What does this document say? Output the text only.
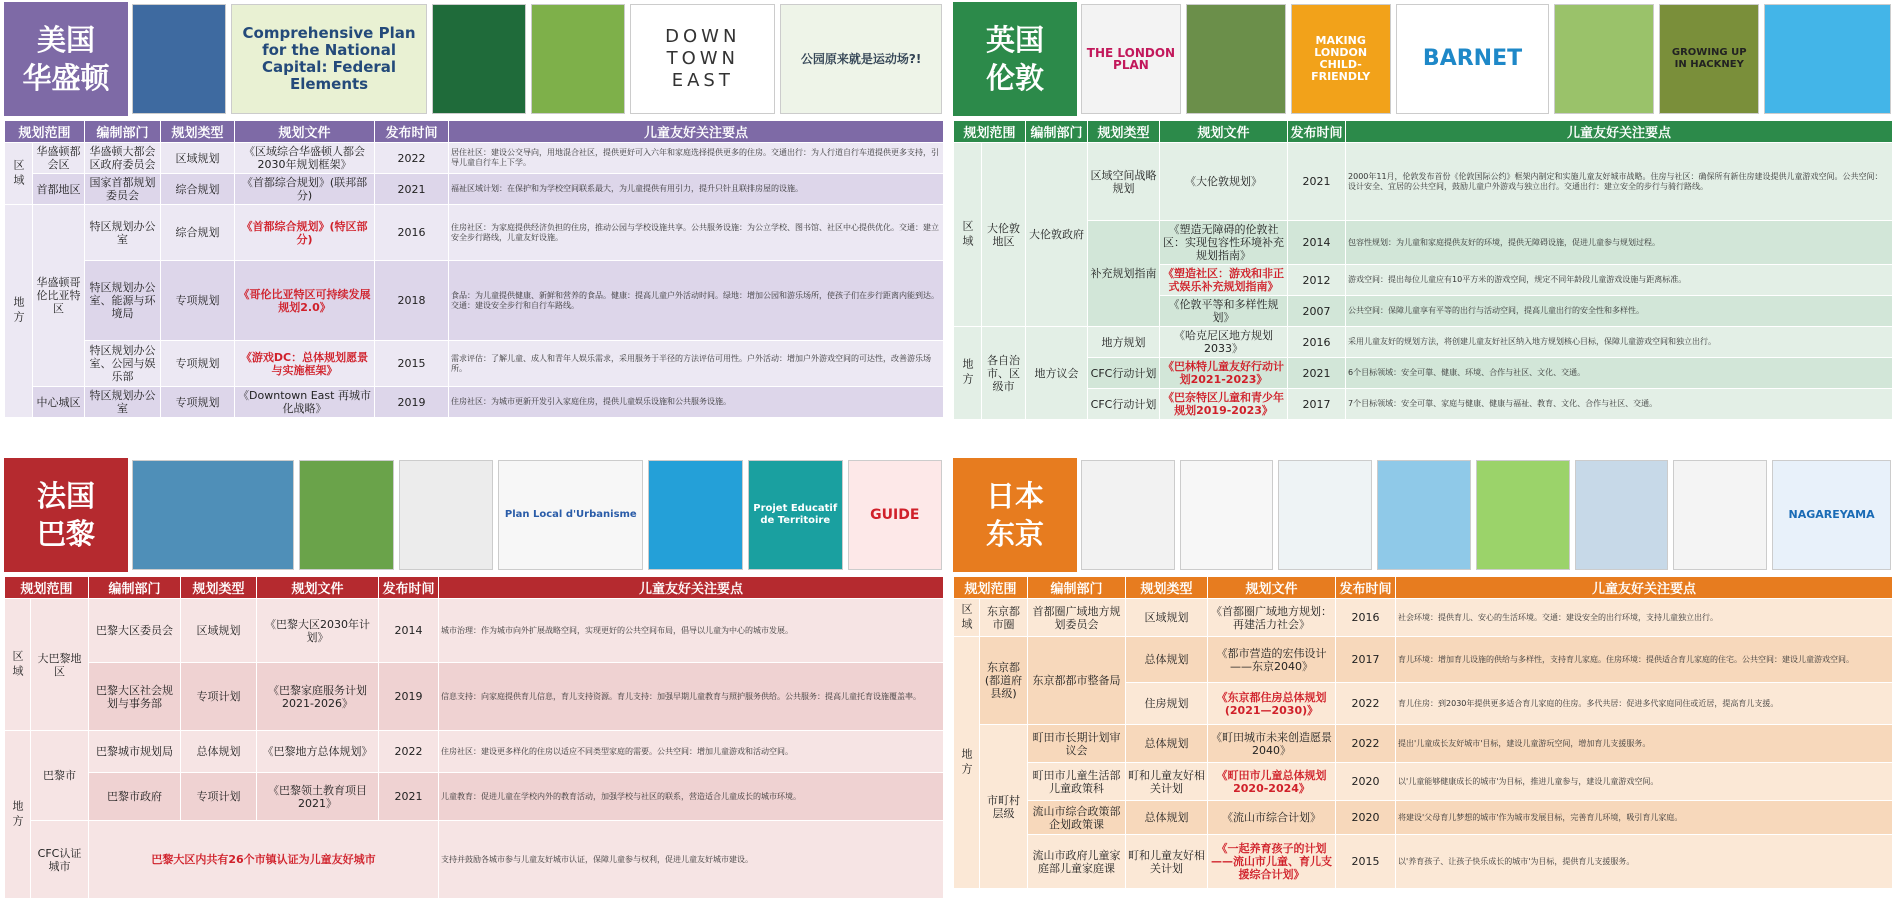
美国
华盛顿
Comprehensive Plan for the National Capital: Federal Elements
DOWN TOWN EAST
公园原来就是运动场?!
规划范围		编制部门	规划类型	规划文件	发布时间	儿童友好关注要点
区域	华盛顿都会区	华盛顿大都会区政府委员会	区域规划	《区域综合华盛顿人都会2030年规划框架》	2022	居住社区：建设公交导向，用地混合社区，提供更好可入六年和家庭选择提供更多的住房。交通出行：为人行道自行车道提供更多支持，引导儿童自行车上下学。
	首都地区	国家首都规划委员会	综合规划	《首都综合规划》(联邦部分)	2021	福祉区域计划：在保护和为学校空间联系最大，为儿童提供有用引力，提升只针且联排房屋的设施。
地方	华盛顿哥伦比亚特区	特区规划办公室	综合规划	《首都综合规划》(特区部分)	2016	住房社区：为家庭提供经济负担的住房，推动公园与学校设施共享。公共服务设施：为公立学校、图书馆、社区中心提供优化。交通：建立安全步行路线，儿童友好设施。
		特区规划办公室、能源与环境局	专项规划	《哥伦比亚特区可持续发展规划2.0》	2018	食品：为儿童提供健康、新鲜和营养的食品。健康：提高儿童户外活动时间。绿地：增加公园和游乐场所，使孩子们在步行距离内能到达。交通：建设安全步行和自行车路线。
		特区规划办公室、公园与娱乐部	专项规划	《游戏DC：总体规划愿景与实施框架》	2015	需求评估：了解儿童、成人和青年人娱乐需求，采用服务于半径的方法评估可用性。户外活动：增加户外游戏空间的可达性，改善游乐场所。
	中心城区	特区规划办公室	专项规划	《Downtown East 再城市化战略》	2019	住房社区：为城市更新开发引入家庭住房，提供儿童娱乐设施和公共服务设施。
英国
伦敦
THE LONDON PLAN
MAKING LONDON CHILD-FRIENDLY
BARNET	GROWING UP IN HACKNEY
规划范围		编制部门	规划类型	规划文件	发布时间	儿童友好关注要点
区域	大伦敦地区	大伦敦政府	区域空间战略规划	《大伦敦规划》	2021	2000年11月，伦敦发布首份《伦敦国际公约》框架内制定和实施儿童友好城市战略。住房与社区：确保所有新住房建设提供儿童游戏空间。公共空间：设计安全、宜居的公共空间，鼓励儿童户外游戏与独立出行。交通出行：建立安全的步行与骑行路线。
			补充规划指南	《塑造无障碍的伦敦社区：实现包容性环境补充规划指南》	2014	包容性规划：为儿童和家庭提供友好的环境，提供无障碍设施，促进儿童参与规划过程。
				《塑造社区：游戏和非正式娱乐补充规划指南》	2012	游戏空间：提出每位儿童应有10平方米的游戏空间，规定不同年龄段儿童游戏设施与距离标准。
				《伦敦平等和多样性规划》	2007	公共空间：保障儿童享有平等的出行与活动空间，提高儿童出行的安全性和多样性。
地方	各自治市、区级市	地方议会	地方规划	《哈克尼区地方规划2033》	2016	采用儿童友好的规划方法，将创建儿童友好社区纳入地方规划核心目标，保障儿童游戏空间和独立出行。
			CFC行动计划	《巴林特儿童友好行动计划2021-2023》	2021	6个目标领域：安全可靠、健康、环境、合作与社区、文化、交通。
			CFC行动计划	《巴奈特区儿童和青少年规划2019-2023》	2017	7个目标领域：安全可靠、家庭与健康、健康与福祉、教育、文化、合作与社区、交通。
法国
巴黎
Plan Local d'Urbanisme
Projet Educatif de Territoire	GUIDE
规划范围		编制部门	规划类型	规划文件	发布时间	儿童友好关注要点
区域	大巴黎地区	巴黎大区委员会	区域规划	《巴黎大区2030年计划》	2014	城市治理：作为城市向外扩展战略空间，实现更好的公共空间布局，倡导以儿童为中心的城市发展。
		巴黎大区社会规划与事务部	专项计划	《巴黎家庭服务计划2021-2026》	2019	信息支持：向家庭提供育儿信息，育儿支持资源。育儿支持：加强早期儿童教育与照护服务供给。公共服务：提高儿童托育设施覆盖率。
地方	巴黎市	巴黎城市规划局	总体规划	《巴黎地方总体规划》	2022	住房社区：建设更多样化的住房以适应不同类型家庭的需要。公共空间：增加儿童游戏和活动空间。
		巴黎市政府	专项计划	《巴黎领土教育项目2021》	2021	儿童教育：促进儿童在学校内外的教育活动，加强学校与社区的联系，营造适合儿童成长的城市环境。
	CFC认证城市	巴黎大区内共有26个市镇认证为儿童友好城市				支持并鼓励各城市参与儿童友好城市认证，保障儿童参与权利，促进儿童友好城市建设。
日本
东京
NAGAREYAMA
规划范围		编制部门	规划类型	规划文件	发布时间	儿童友好关注要点
区域	东京都市圈	首都圈广域地方规划委员会	区域规划	《首都圈广域地方规划：再建活力社会》	2016	社会环境：提供育儿、安心的生活环境。交通：建设安全的出行环境，支持儿童独立出行。
地方	东京都(都道府县级)	东京都都市整备局	总体规划	《都市营造的宏伟设计——东京2040》	2017	育儿环境：增加育儿设施的供给与多样性，支持育儿家庭。住房环境：提供适合育儿家庭的住宅。公共空间：建设儿童游戏空间。
			住房规划	《东京都住房总体规划(2021—2030)》	2022	育儿住房：到2030年提供更多适合育儿家庭的住房。多代共居：促进多代家庭同住或近居，提高育儿支援。
	市町村层级	町田市长期计划审议会	总体规划	《町田城市未来创造愿景2040》	2022	提出'儿童成长友好城市'目标，建设儿童游玩空间，增加育儿支援服务。
		町田市儿童生活部儿童政策科	町和儿童友好相关计划	《町田市儿童总体规划2020-2024》	2020	以'儿童能够健康成长的城市'为目标，推进儿童参与，建设儿童游戏空间。
		流山市综合政策部企划政策课	总体规划	《流山市综合计划》	2020	将建设'父母育儿梦想的城市'作为城市发展目标，完善育儿环境，吸引育儿家庭。
		流山市政府儿童家庭部儿童家庭课	町和儿童友好相关计划	《一起养育孩子的计划——流山市儿童、育儿支援综合计划》	2015	以'养育孩子、让孩子快乐成长的城市'为目标，提供育儿支援服务。
